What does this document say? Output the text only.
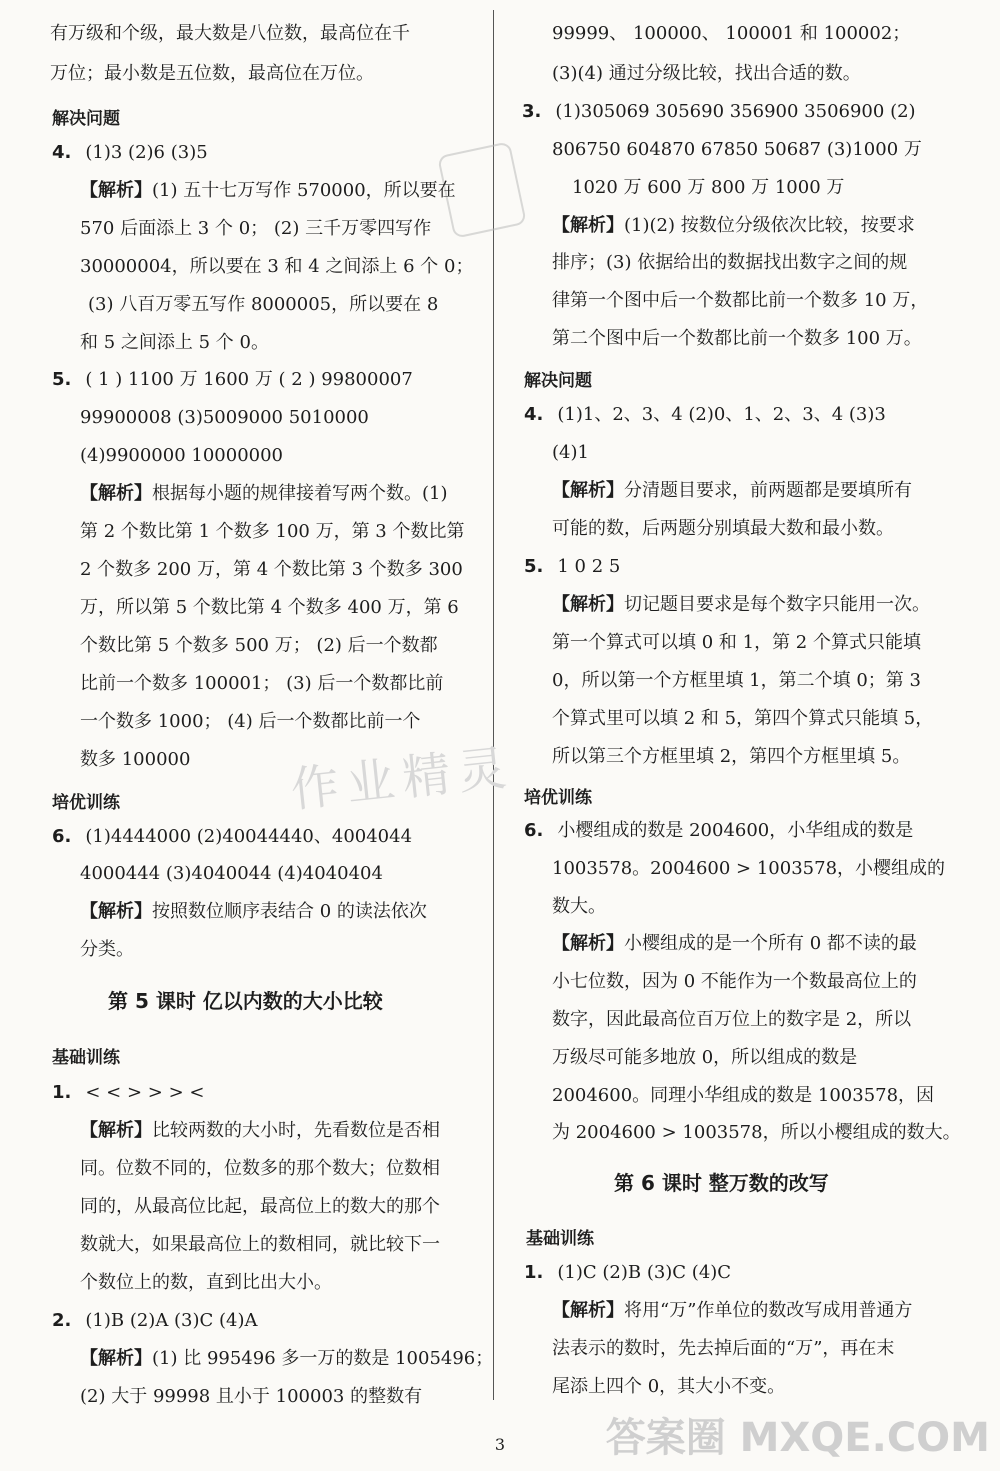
作业精灵
有万级和个级，最大数是八位数，最高位在千
万位；最小数是五位数，最高位在万位。
解决问题
4. (1)3 (2)6 (3)5
【解析】(1) 五十七万写作 570000，所以要在
570 后面添上 3 个 0； (2) 三千万零四写作
30000004，所以要在 3 和 4 之间添上 6 个 0；
(3) 八百万零五写作 8000005，所以要在 8
和 5 之间添上 5 个 0。
5. ( 1 ) 1100 万 1600 万 ( 2 ) 99800007
99900008 (3)5009000 5010000
(4)9900000 10000000
【解析】根据每小题的规律接着写两个数。(1)
第 2 个数比第 1 个数多 100 万，第 3 个数比第
2 个数多 200 万，第 4 个数比第 3 个数多 300
万，所以第 5 个数比第 4 个数多 400 万，第 6
个数比第 5 个数多 500 万； (2) 后一个数都
比前一个数多 100001； (3) 后一个数都比前
一个数多 1000； (4) 后一个数都比前一个
数多 100000
培优训练
6. (1)4444000 (2)40044440、4004044
4000444 (3)4040044 (4)4040404
【解析】按照数位顺序表结合 0 的读法依次
分类。
第 5 课时 亿以内数的大小比较
基础训练
1. < < > > > <
【解析】比较两数的大小时，先看数位是否相
同。位数不同的，位数多的那个数大；位数相
同的，从最高位比起，最高位上的数大的那个
数就大，如果最高位上的数相同，就比较下一
个数位上的数，直到比出大小。
2. (1)B (2)A (3)C (4)A
【解析】(1) 比 995496 多一万的数是 1005496；
(2) 大于 99998 且小于 100003 的整数有
99999、 100000、 100001 和 100002；
(3)(4) 通过分级比较，找出合适的数。
3. (1)305069 305690 356900 3506900 (2)
806750 604870 67850 50687 (3)1000 万
1020 万 600 万 800 万 1000 万
【解析】(1)(2) 按数位分级依次比较，按要求
排序；(3) 依据给出的数据找出数字之间的规
律第一个图中后一个数都比前一个数多 10 万，
第二个图中后一个数都比前一个数多 100 万。
解决问题
4. (1)1、2、3、4 (2)0、1、2、3、4 (3)3
(4)1
【解析】分清题目要求，前两题都是要填所有
可能的数，后两题分别填最大数和最小数。
5. 1 0 2 5
【解析】切记题目要求是每个数字只能用一次。
第一个算式可以填 0 和 1，第 2 个算式只能填
0，所以第一个方框里填 1，第二个填 0；第 3
个算式里可以填 2 和 5，第四个算式只能填 5，
所以第三个方框里填 2，第四个方框里填 5。
培优训练
6. 小樱组成的数是 2004600，小华组成的数是
1003578。2004600 > 1003578，小樱组成的
数大。
【解析】小樱组成的是一个所有 0 都不读的最
小七位数，因为 0 不能作为一个数最高位上的
数字，因此最高位百万位上的数字是 2，所以
万级尽可能多地放 0，所以组成的数是
2004600。同理小华组成的数是 1003578，因
为 2004600 > 1003578，所以小樱组成的数大。
第 6 课时 整万数的改写
基础训练
1. (1)C (2)B (3)C (4)C
【解析】将用“万”作单位的数改写成用普通方
法表示的数时，先去掉后面的“万”，再在末
尾添上四个 0，其大小不变。
3	答案圈 MXQE.COM
